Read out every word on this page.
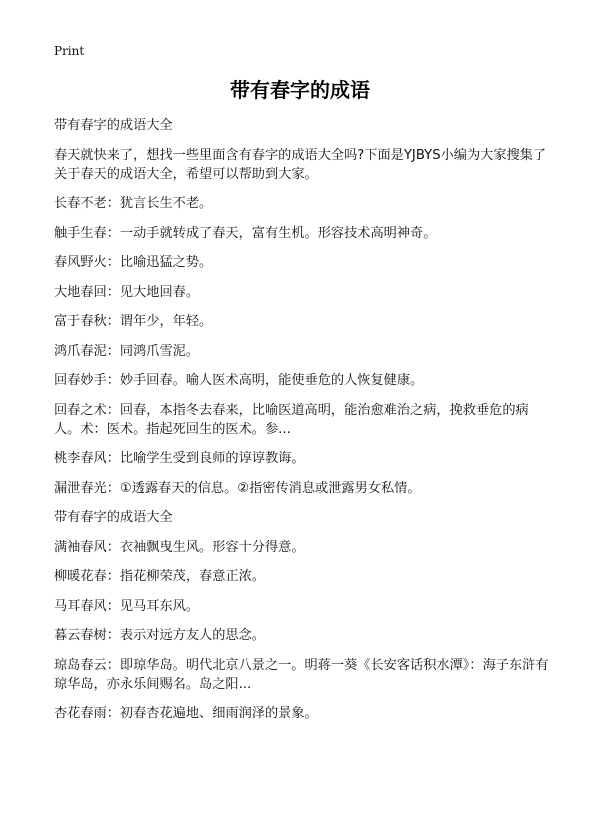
Print
带有春字的成语

带有春字的成语大全

春天就快来了，想找一些里面含有春字的成语大全吗?下面是YJBYS小编为大家搜集了关于春天的成语大全，希望可以帮助到大家。

长春不老：犹言长生不老。

触手生春：一动手就转成了春天，富有生机。形容技术高明神奇。

春风野火：比喻迅猛之势。

大地春回：见大地回春。

富于春秋：谓年少，年轻。

鸿爪春泥：同鸿爪雪泥。

回春妙手：妙手回春。喻人医术高明，能使垂危的人恢复健康。

回春之术：回春，本指冬去春来，比喻医道高明，能治愈难治之病，挽救垂危的病人。术：医术。指起死回生的医术。参...

桃李春风：比喻学生受到良师的谆谆教诲。

漏泄春光：①透露春天的信息。②指密传消息或泄露男女私情。

带有春字的成语大全

满袖春风：衣袖飘曳生风。形容十分得意。

柳暖花春：指花柳荣茂，春意正浓。

马耳春风：见马耳东风。

暮云春树：表示对远方友人的思念。

琼岛春云：即琼华岛。明代北京八景之一。明蒋一葵《长安客话积水潭》：海子东浒有琼华岛，亦永乐间赐名。岛之阳...

杏花春雨：初春杏花遍地、细雨润泽的景象。
